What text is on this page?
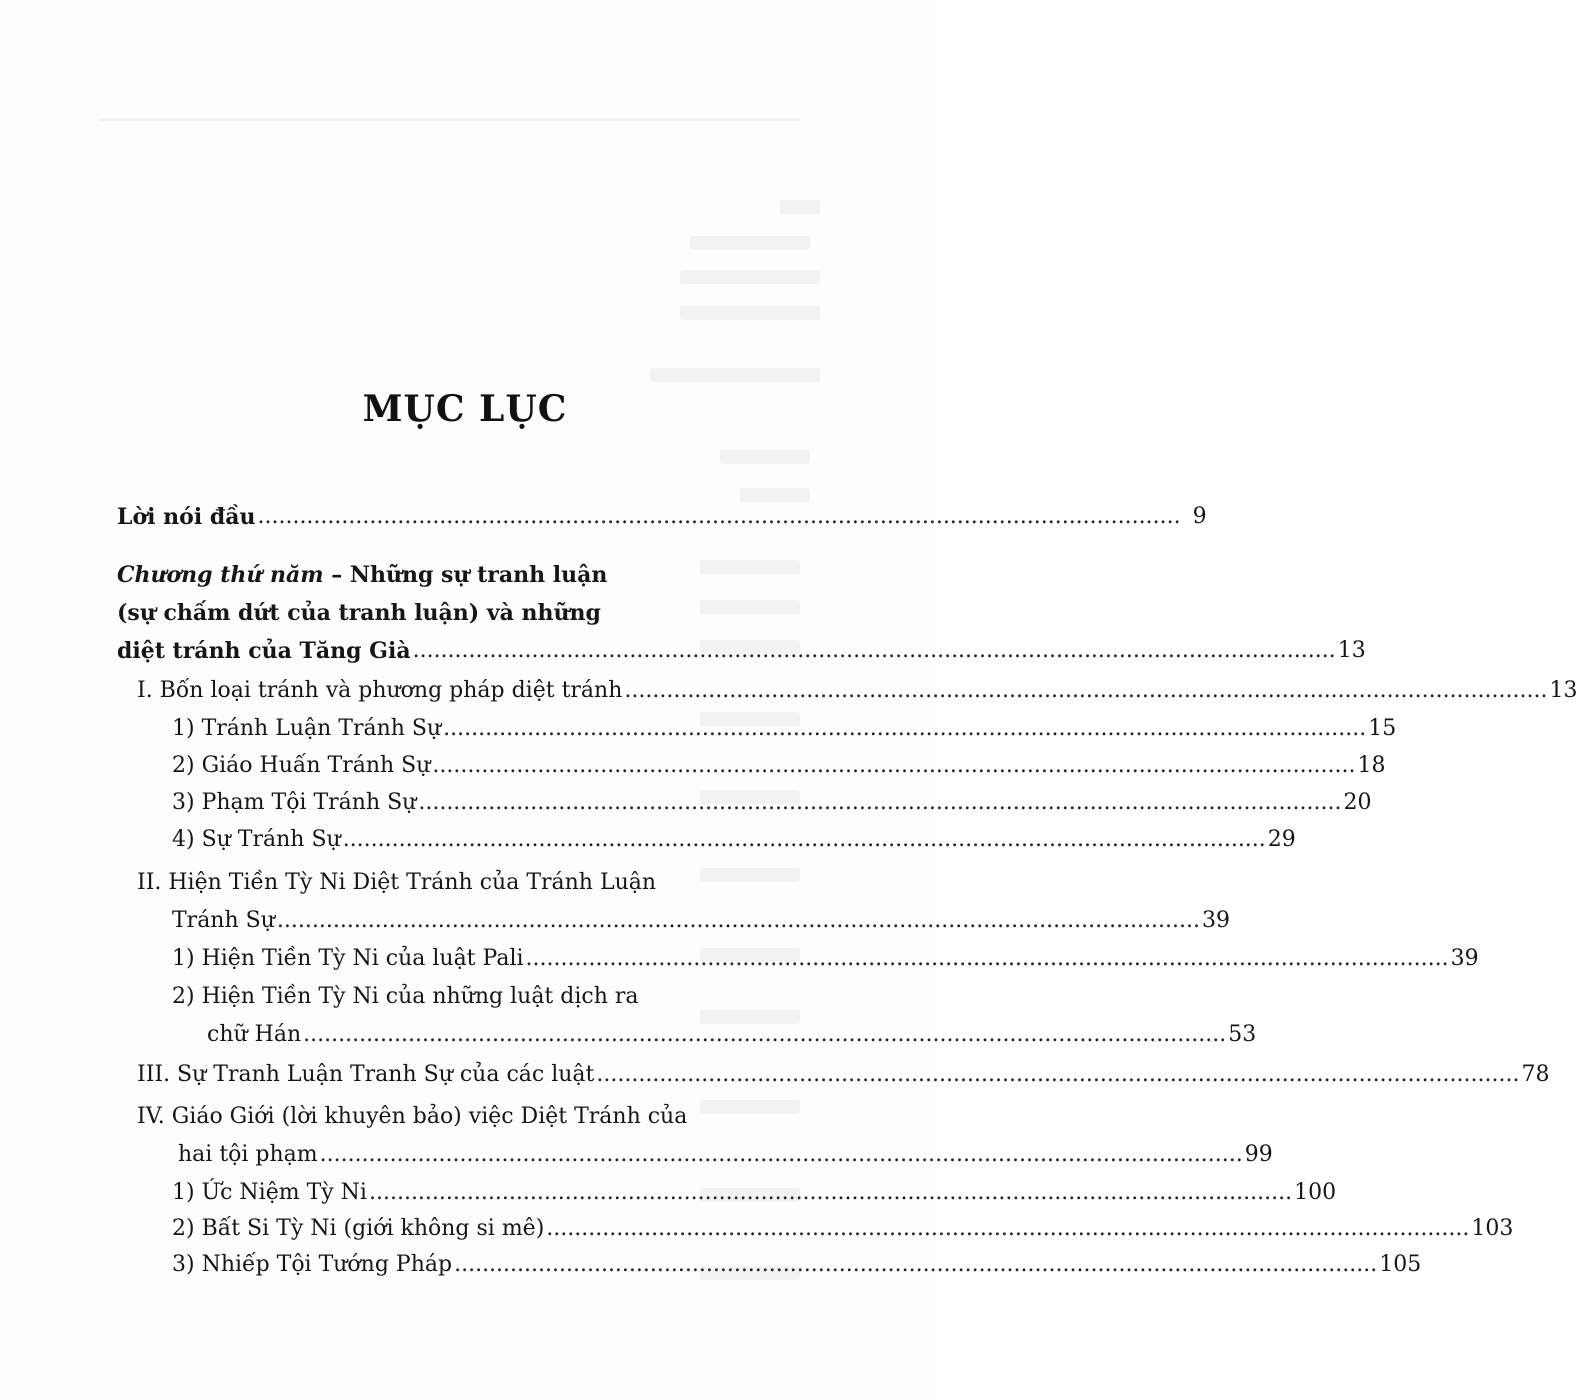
MỤC LỤC
Lời nói đầu .................................................................................................................................... 9
Chương thứ năm – Những sự tranh luận
(sự chấm dứt của tranh luận) và những
diệt tránh của Tăng Già .................................................................................................................................... 13
I. Bốn loại tránh và phương pháp diệt tránh .................................................................................................................................... 13
1) Tránh Luận Tránh Sự .................................................................................................................................... 15
2) Giáo Huấn Tránh Sự .................................................................................................................................... 18
3) Phạm Tội Tránh Sự .................................................................................................................................... 20
4) Sự Tránh Sự .................................................................................................................................... 29
II. Hiện Tiền Tỳ Ni Diệt Tránh của Tránh Luận
Tránh Sự .................................................................................................................................... 39
1) Hiện Tiền Tỳ Ni của luật Pali .................................................................................................................................... 39
2) Hiện Tiền Tỳ Ni của những luật dịch ra
chữ Hán .................................................................................................................................... 53
III. Sự Tranh Luận Tranh Sự của các luật .................................................................................................................................... 78
IV. Giáo Giới (lời khuyên bảo) việc Diệt Tránh của
hai tội phạm .................................................................................................................................... 99
1) Ức Niệm Tỳ Ni .................................................................................................................................... 100
2) Bất Si Tỳ Ni (giới không si mê) .................................................................................................................................... 103
3) Nhiếp Tội Tướng Pháp .................................................................................................................................... 105
